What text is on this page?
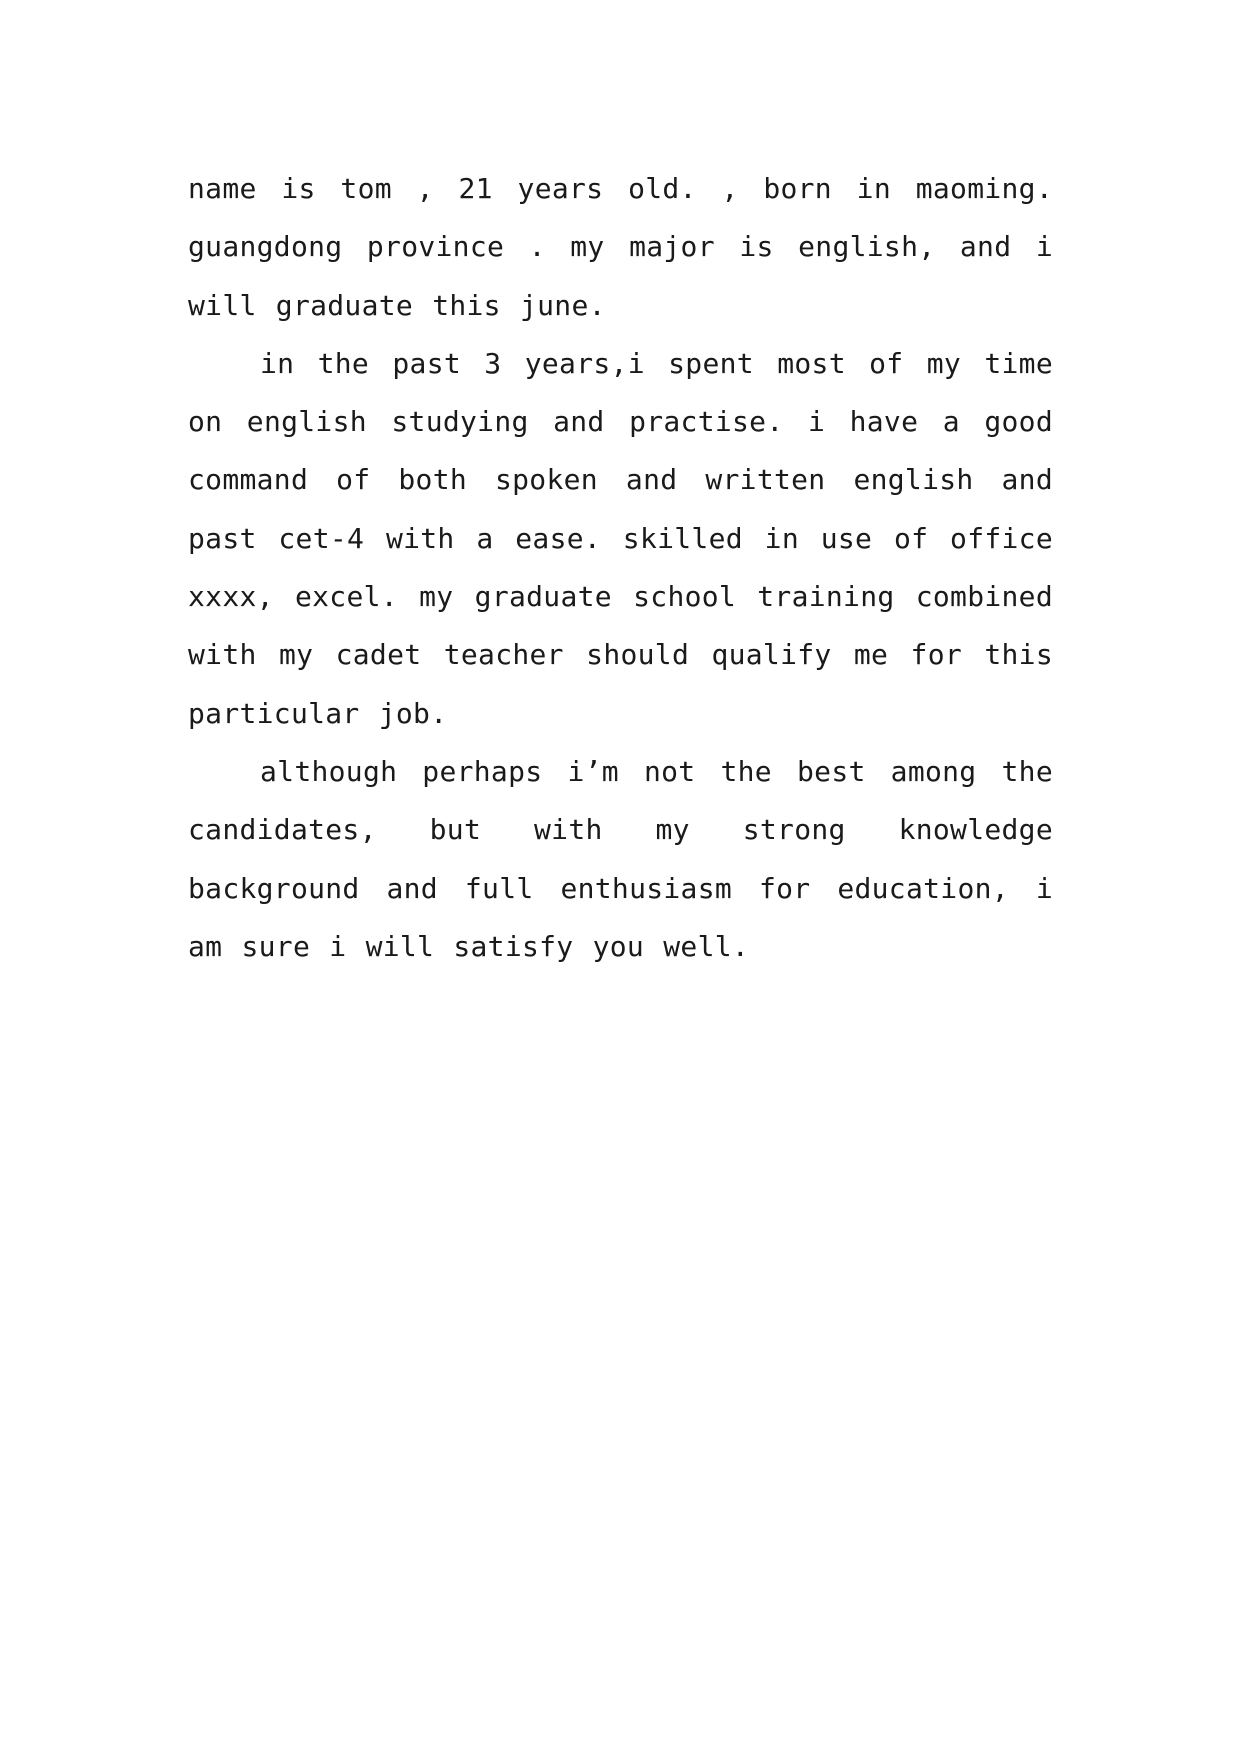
name is tom , 21 years old. , born in maoming. guangdong province . my major is english, and i will graduate this june.

in the past 3 years,i spent most of my time on english studying and practise. i have a good command of both spoken and written english and past cet-4 with a ease. skilled in use of office xxxx, excel. my graduate school training combined with my cadet teacher should qualify me for this particular job.

although perhaps i’m not the best among the candidates, but with my strong knowledge background and full enthusiasm for education, i am sure i will satisfy you well.
